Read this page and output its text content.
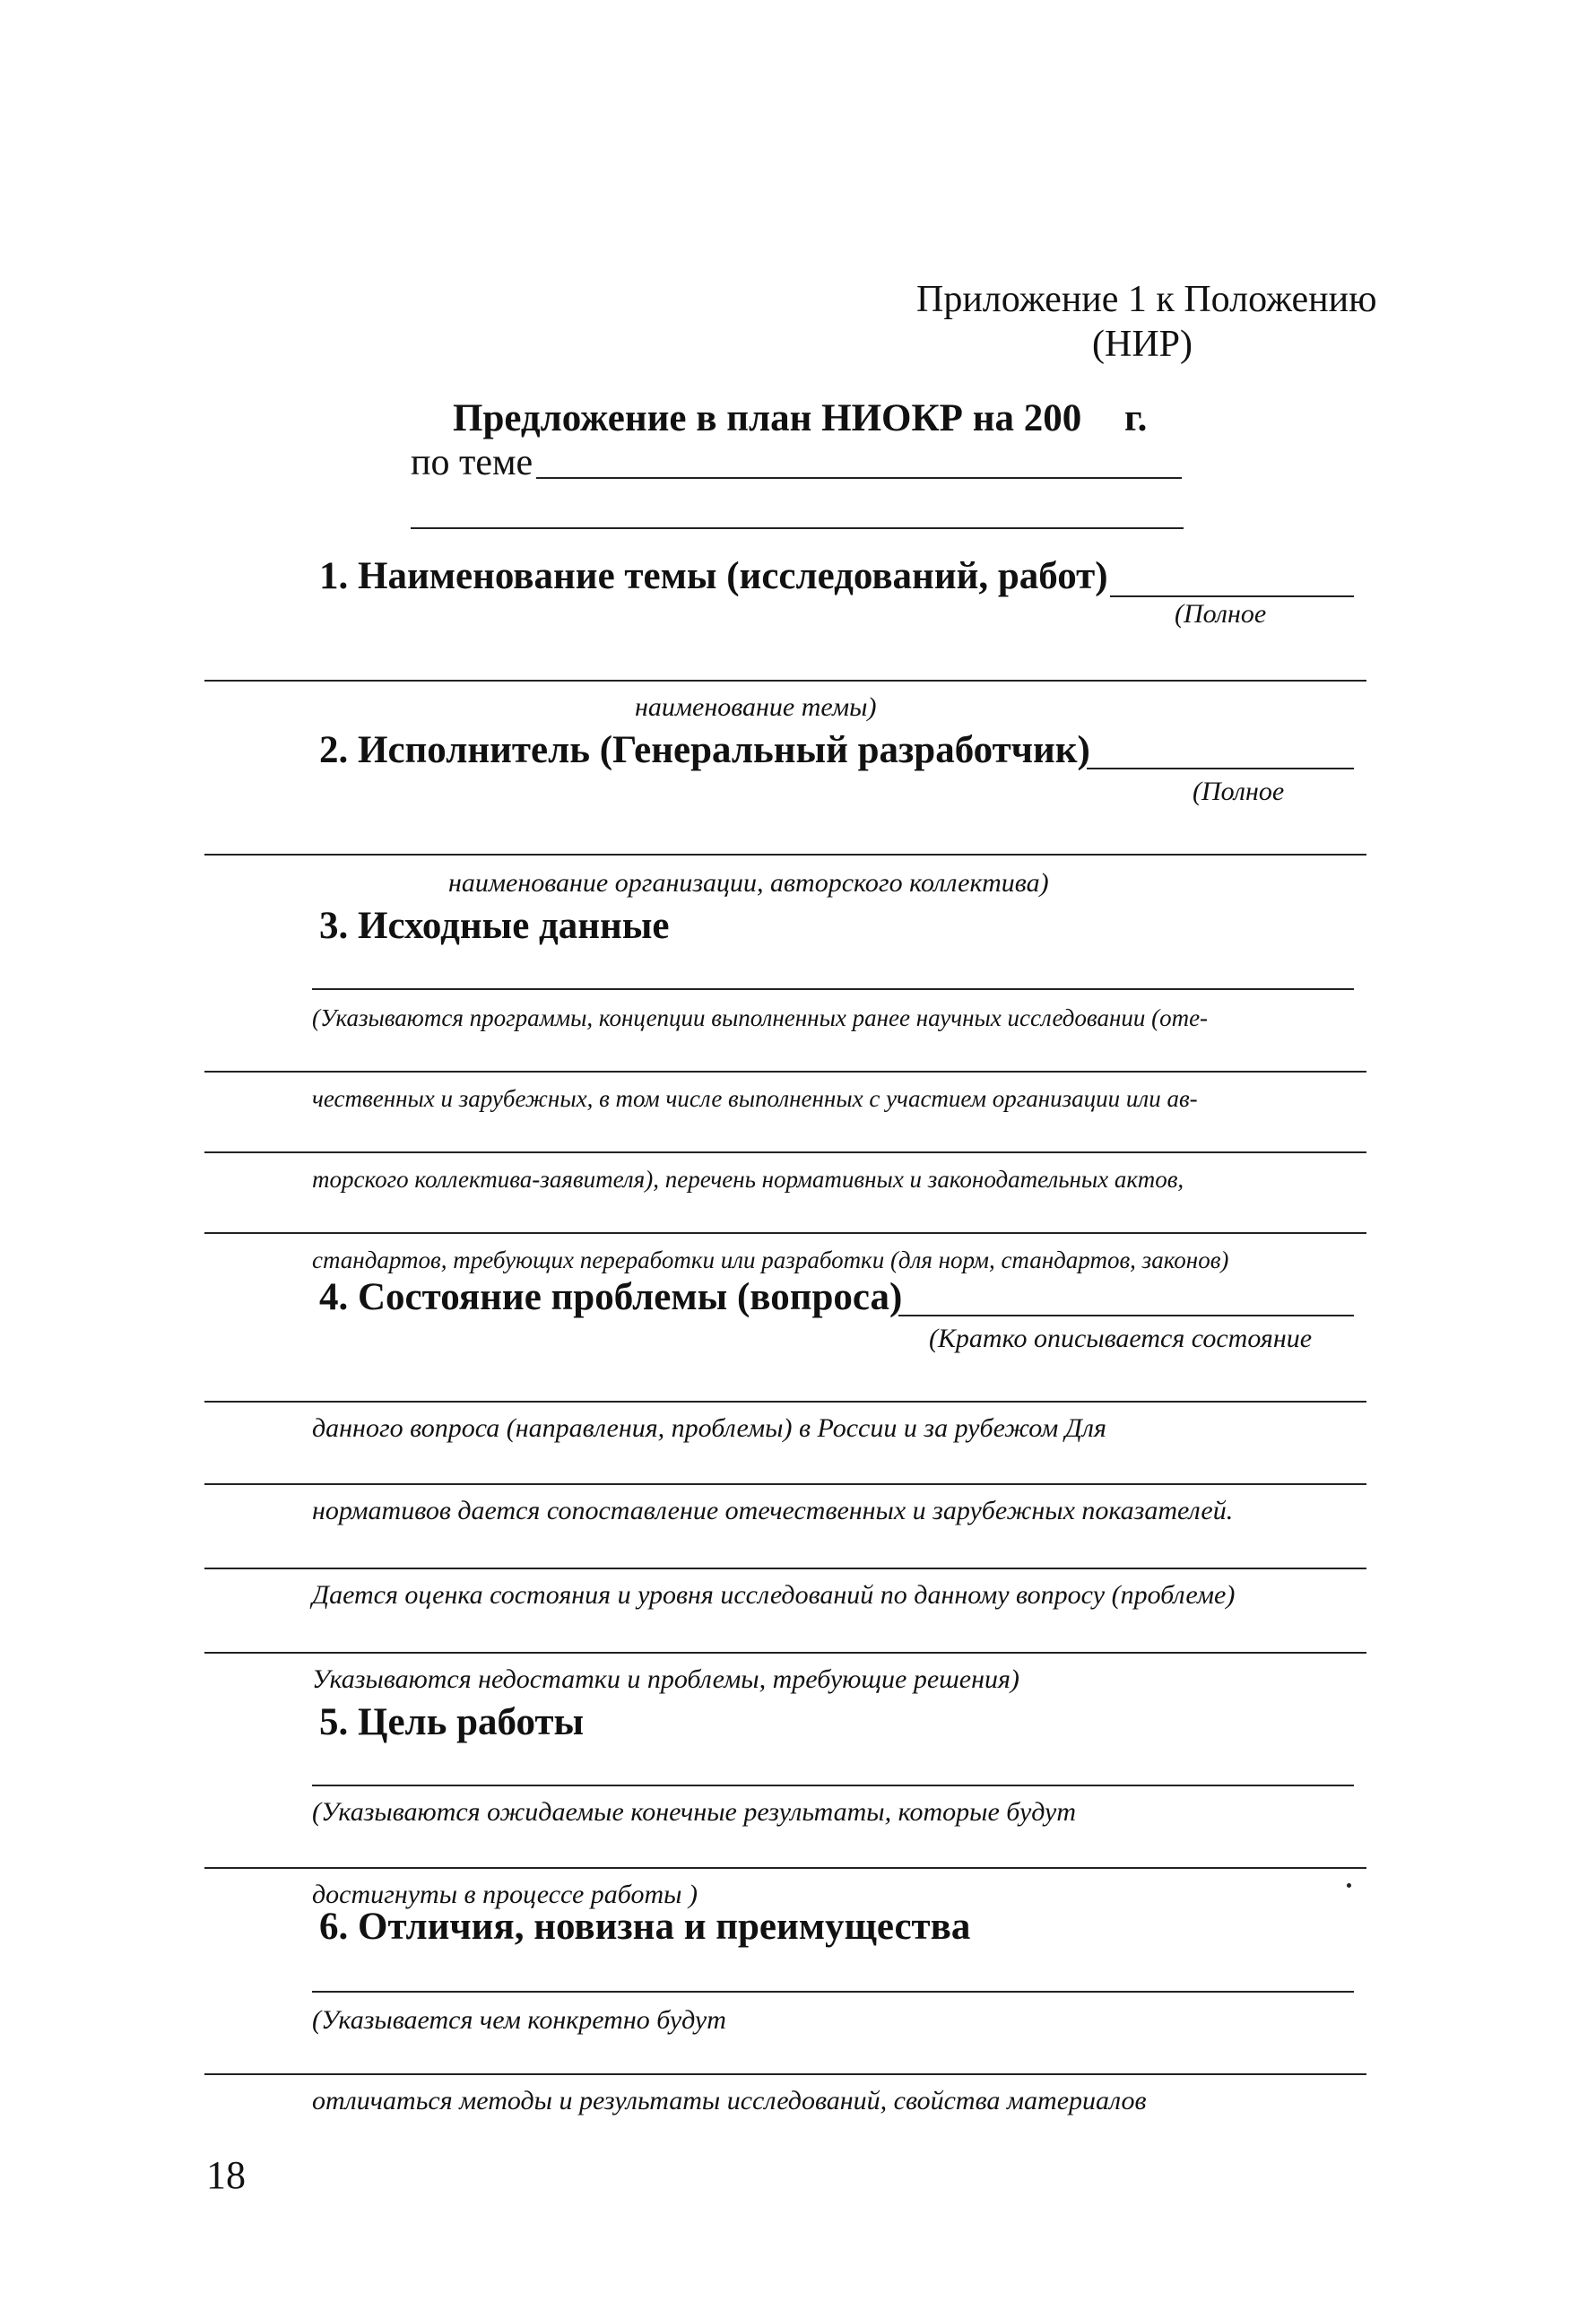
Приложение 1 к Положению
(НИР)
Предложение в план НИОКР на 200 г.
по теме
1. Наименование темы (исследований, работ)
(Полное
наименование темы)
2. Исполнитель (Генеральный разработчик)
(Полное
наименование организации, авторского коллектива)
3. Исходные данные
(Указываются программы, концепции выполненных ранее научных исследовании (оте-
чественных и зарубежных, в том числе выполненных с участием организации или ав-
торского коллектива-заявителя), перечень нормативных и законодательных актов,
стандартов, требующих переработки или разработки (для норм, стандартов, законов)
4. Состояние проблемы (вопроса)
(Кратко описывается состояние
данного вопроса (направления, проблемы) в России и за рубежом Для
нормативов дается сопоставление отечественных и зарубежных показателей.
Дается оценка состояния и уровня исследований по данному вопросу (проблеме)
Указываются недостатки и проблемы, требующие решения)
5. Цель работы
(Указываются ожидаемые конечные результаты, которые будут
достигнуты в процессе работы )
6. Отличия, новизна и преимущества
(Указывается чем конкретно будут
отличаться методы и результаты исследований, свойства материалов
18
